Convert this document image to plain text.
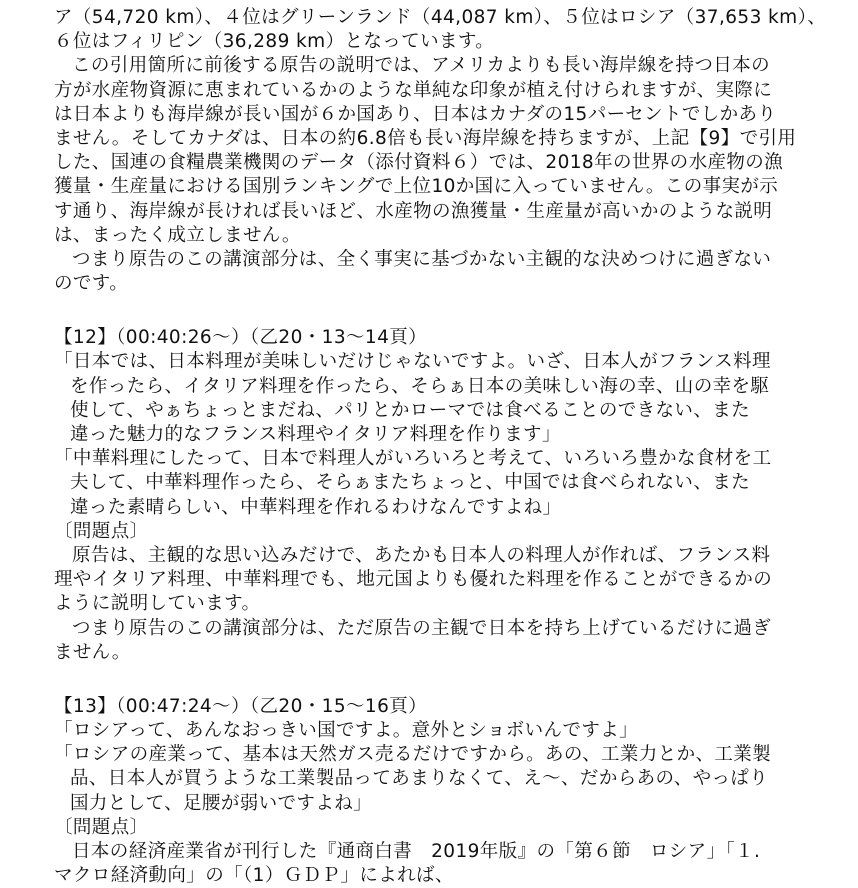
ア（54,720 km）、４位はグリーンランド（44,087 km）、５位はロシア（37,653 km）、
６位はフィリピン（36,289 km）となっています。
この引用箇所に前後する原告の説明では、アメリカよりも長い海岸線を持つ日本の
方が水産物資源に恵まれているかのような単純な印象が植え付けられますが、実際に
は日本よりも海岸線が長い国が６か国あり、日本はカナダの15パーセントでしかあり
ません。そしてカナダは、日本の約6.8倍も長い海岸線を持ちますが、上記【9】で引用
した、国連の食糧農業機関のデータ（添付資料６）では、2018年の世界の水産物の漁
獲量・生産量における国別ランキングで上位10か国に入っていません。この事実が示
す通り、海岸線が長ければ長いほど、水産物の漁獲量・生産量が高いかのような説明
は、まったく成立しません。
つまり原告のこの講演部分は、全く事実に基づかない主観的な決めつけに過ぎない
のです。
【12】（00:40:26〜）（乙20・13〜14頁）
「日本では、日本料理が美味しいだけじゃないですよ。いざ、日本人がフランス料理
を作ったら、イタリア料理を作ったら、そらぁ日本の美味しい海の幸、山の幸を駆
使して、やぁちょっとまだね、パリとかローマでは食べることのできない、また
違った魅力的なフランス料理やイタリア料理を作ります」
「中華料理にしたって、日本で料理人がいろいろと考えて、いろいろ豊かな食材を工
夫して、中華料理作ったら、そらぁまたちょっと、中国では食べられない、また
違った素晴らしい、中華料理を作れるわけなんですよね」
〔問題点〕
原告は、主観的な思い込みだけで、あたかも日本人の料理人が作れば、フランス料
理やイタリア料理、中華料理でも、地元国よりも優れた料理を作ることができるかの
ように説明しています。
つまり原告のこの講演部分は、ただ原告の主観で日本を持ち上げているだけに過ぎ
ません。
【13】（00:47:24〜）（乙20・15〜16頁）
「ロシアって、あんなおっきい国ですよ。意外とショボいんですよ」
「ロシアの産業って、基本は天然ガス売るだけですから。あの、工業力とか、工業製
品、日本人が買うような工業製品ってあまりなくて、え〜、だからあの、やっぱり
国力として、足腰が弱いですよね」
〔問題点〕
日本の経済産業省が刊行した『通商白書　2019年版』の「第６節　ロシア」「１.
マクロ経済動向」の「（1）ＧＤＰ」によれば、
